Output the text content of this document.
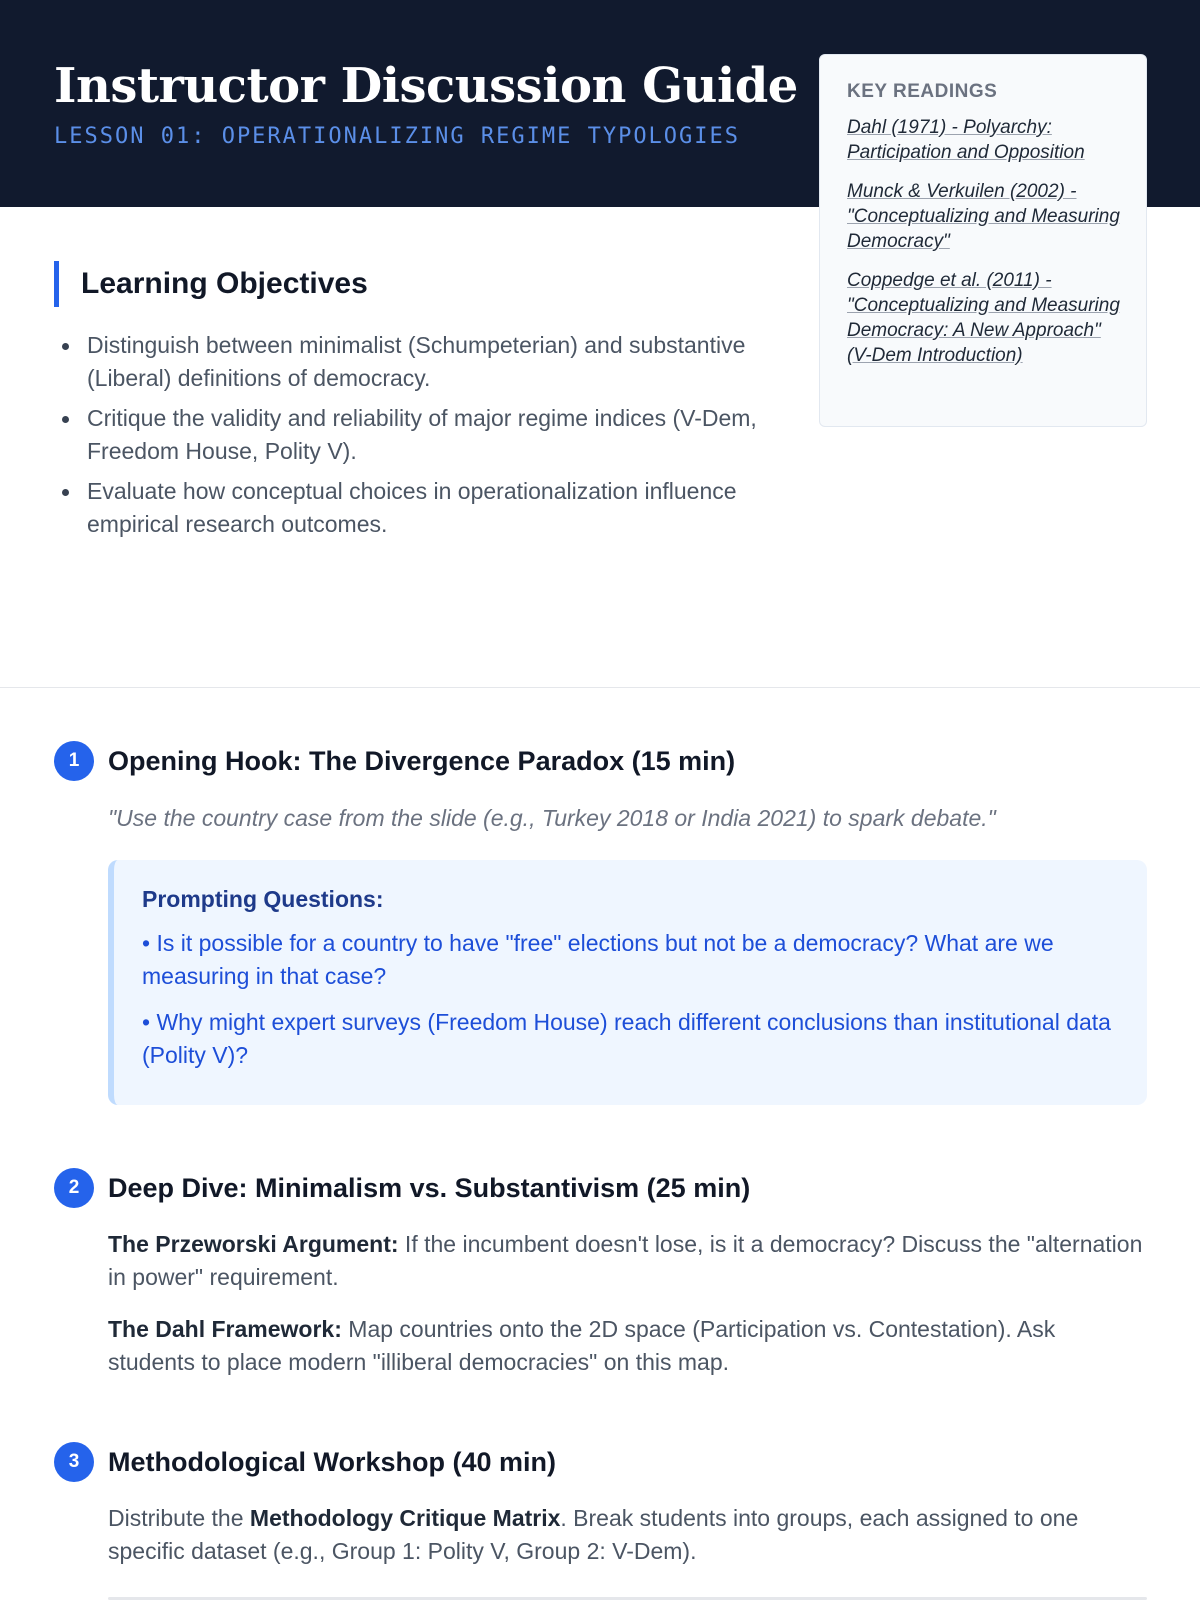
Instructor Discussion Guide
LESSON 01: OPERATIONALIZING REGIME TYPOLOGIES
Learning Objectives
Distinguish between minimalist (Schumpeterian) and substantive (Liberal) definitions of democracy.
Critique the validity and reliability of major regime indices (V-Dem, Freedom House, Polity V).
Evaluate how conceptual choices in operationalization influence empirical research outcomes.
KEY READINGS
Dahl (1971) - Polyarchy: Participation and Opposition
Munck & Verkuilen (2002) - "Conceptualizing and Measuring Democracy"
Coppedge et al. (2011) - "Conceptualizing and Measuring Democracy: A New Approach" (V-Dem Introduction)
1	Opening Hook: The Divergence Paradox (15 min)
"Use the country case from the slide (e.g., Turkey 2018 or India 2021) to spark debate."
Prompting Questions:
• Is it possible for a country to have "free" elections but not be a democracy? What are we measuring in that case?
• Why might expert surveys (Freedom House) reach different conclusions than institutional data (Polity V)?
2	Deep Dive: Minimalism vs. Substantivism (25 min)
The Przeworski Argument: If the incumbent doesn't lose, is it a democracy? Discuss the "alternation in power" requirement.
The Dahl Framework: Map countries onto the 2D space (Participation vs. Contestation). Ask students to place modern "illiberal democracies" on this map.
3	Methodological Workshop (40 min)
Distribute the Methodology Critique Matrix. Break students into groups, each assigned to one specific dataset (e.g., Group 1: Polity V, Group 2: V-Dem).
